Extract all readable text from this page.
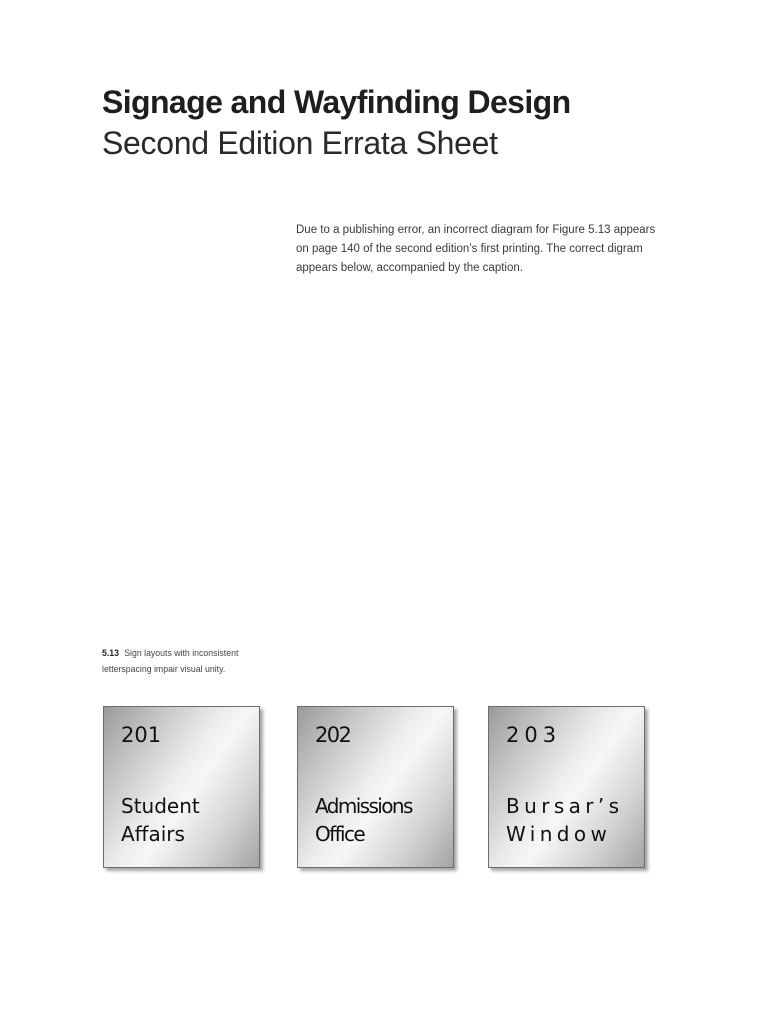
Signage and Wayfinding Design
Second Edition Errata Sheet

Due to a publishing error, an incorrect diagram for Figure 5.13 appears on page 140 of the second edition’s first printing. The correct digram appears below, accompanied by the caption.

5.13 Sign layouts with inconsistent letterspacing impair visual unity.

201
Student
Affairs
202
Admissions
Office
203
Bursar’s
Window
